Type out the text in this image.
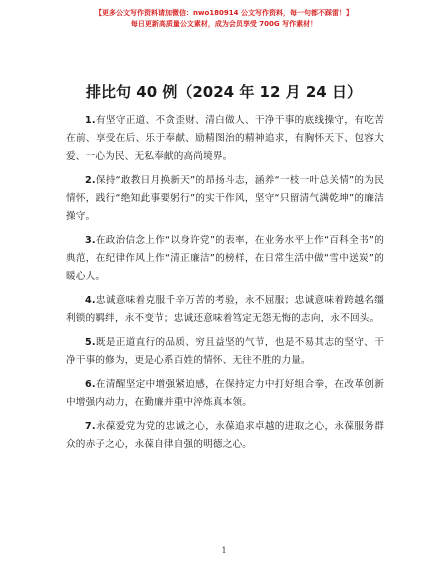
【更多公文写作资料请加微信：nwo180914 公文写作资料，每一句都不踩雷！】
每日更新高质量公文素材，成为会员享受 700G 写作素材！
排比句 40 例（2024 年 12 月 24 日）

1.有坚守正道、不贪歪财、清白做人、干净干事的底线操守，有吃苦在前、享受在后、乐于奉献、励精图治的精神追求，有胸怀天下、包容大爱、一心为民、无私奉献的高尚境界。

2.保持“敢教日月换新天”的昂扬斗志，涵养“一枝一叶总关情”的为民情怀，践行“绝知此事要躬行”的实干作风，坚守“只留清气满乾坤”的廉洁操守。

3.在政治信念上作“以身许党”的表率，在业务水平上作“百科全书”的典范，在纪律作风上作“清正廉洁”的榜样，在日常生活中做“雪中送炭”的暖心人。

4.忠诚意味着克服千辛万苦的考验，永不屈服；忠诚意味着跨越名缰利锁的羁绊，永不变节；忠诚还意味着笃定无怨无悔的志向，永不回头。

5.既是正道直行的品质、穷且益坚的气节，也是不易其志的坚守、干净干事的修为，更是心系百姓的情怀、无往不胜的力量。

6.在清醒坚定中增强紧迫感，在保持定力中打好组合拳，在改革创新中增强内动力，在勤廉并重中淬炼真本领。

7.永葆爱党为党的忠诚之心，永葆追求卓越的进取之心，永葆服务群众的赤子之心，永葆自律自强的明德之心。

1
